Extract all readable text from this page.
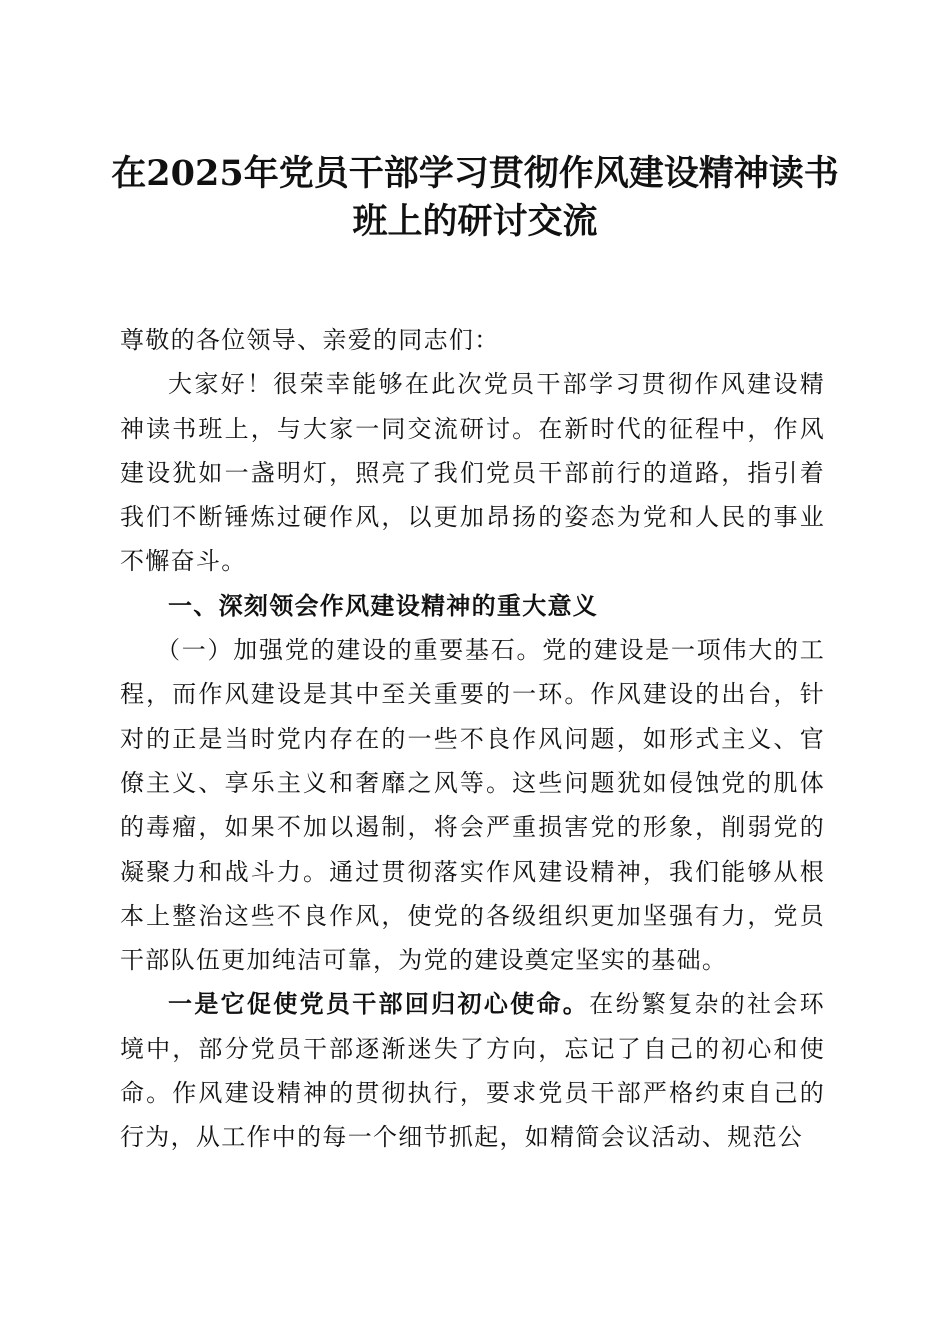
在2025年党员干部学习贯彻作风建设精神读书班上的研讨交流

尊敬的各位领导、亲爱的同志们：

大家好！很荣幸能够在此次党员干部学习贯彻作风建设精神读书班上，与大家一同交流研讨。在新时代的征程中，作风建设犹如一盏明灯，照亮了我们党员干部前行的道路，指引着我们不断锤炼过硬作风，以更加昂扬的姿态为党和人民的事业不懈奋斗。

一、深刻领会作风建设精神的重大意义

（一）加强党的建设的重要基石。党的建设是一项伟大的工程，而作风建设是其中至关重要的一环。作风建设的出台，针对的正是当时党内存在的一些不良作风问题，如形式主义、官僚主义、享乐主义和奢靡之风等。这些问题犹如侵蚀党的肌体的毒瘤，如果不加以遏制，将会严重损害党的形象，削弱党的凝聚力和战斗力。通过贯彻落实作风建设精神，我们能够从根本上整治这些不良作风，使党的各级组织更加坚强有力，党员干部队伍更加纯洁可靠，为党的建设奠定坚实的基础。

一是它促使党员干部回归初心使命。在纷繁复杂的社会环境中，部分党员干部逐渐迷失了方向，忘记了自己的初心和使命。作风建设精神的贯彻执行，要求党员干部严格约束自己的行为，从工作中的每一个细节抓起，如精简会议活动、规范公
